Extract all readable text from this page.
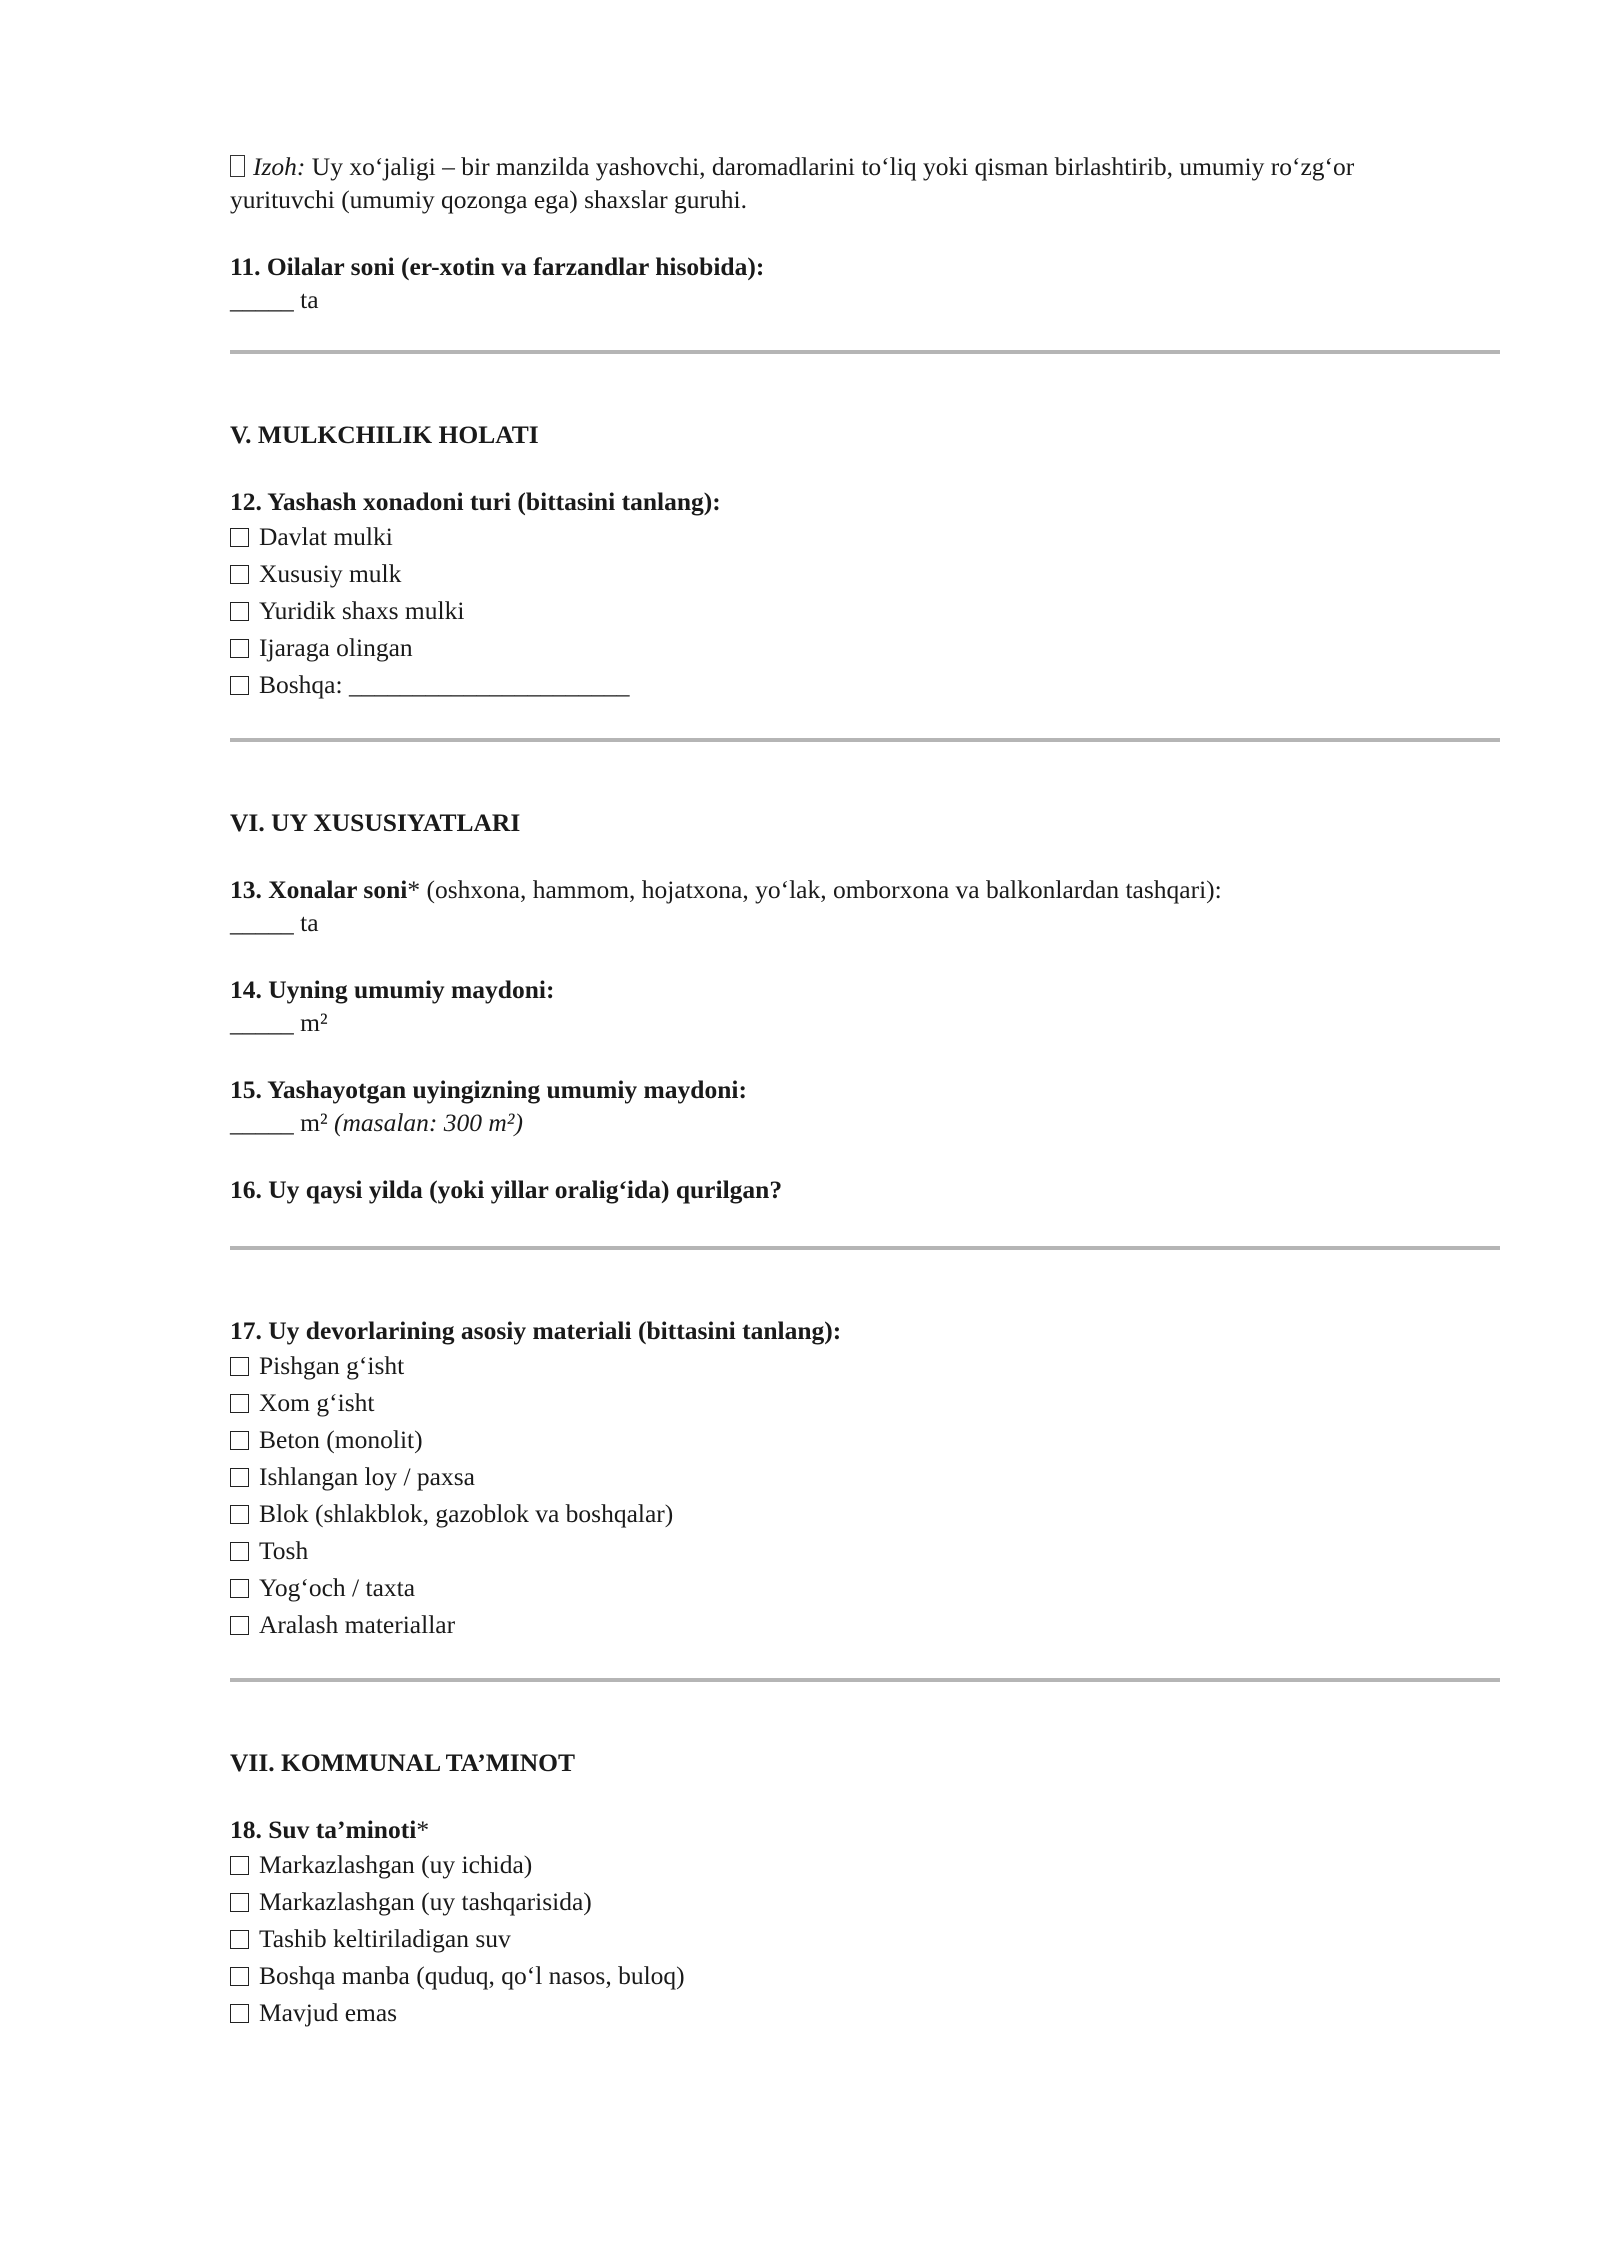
Izoh: Uy xo‘jaligi – bir manzilda yashovchi, daromadlarini to‘liq yoki qisman birlashtirib, umumiy ro‘zg‘or
yurituvchi (umumiy qozonga ega) shaxslar guruhi.

11. Oilalar soni (er-xotin va farzandlar hisobida):

_____ ta

V. MULKCHILIK HOLATI

12. Yashash xonadoni turi (bittasini tanlang):

Davlat mulki

Xususiy mulk

Yuridik shaxs mulki

Ijaraga olingan

Boshqa: ______________________

VI. UY XUSUSIYATLARI

13. Xonalar soni* (oshxona, hammom, hojatxona, yo‘lak, omborxona va balkonlardan tashqari):

_____ ta

14. Uyning umumiy maydoni:

_____ m²

15. Yashayotgan uyingizning umumiy maydoni:

_____ m² (masalan: 300 m²)

16. Uy qaysi yilda (yoki yillar oralig‘ida) qurilgan?

17. Uy devorlarining asosiy materiali (bittasini tanlang):

Pishgan g‘isht

Xom g‘isht

Beton (monolit)

Ishlangan loy / paxsa

Blok (shlakblok, gazoblok va boshqalar)

Tosh

Yog‘och / taxta

Aralash materiallar

VII. KOMMUNAL TA’MINOT

18. Suv ta’minoti*

Markazlashgan (uy ichida)

Markazlashgan (uy tashqarisida)

Tashib keltiriladigan suv

Boshqa manba (quduq, qo‘l nasos, buloq)

Mavjud emas
